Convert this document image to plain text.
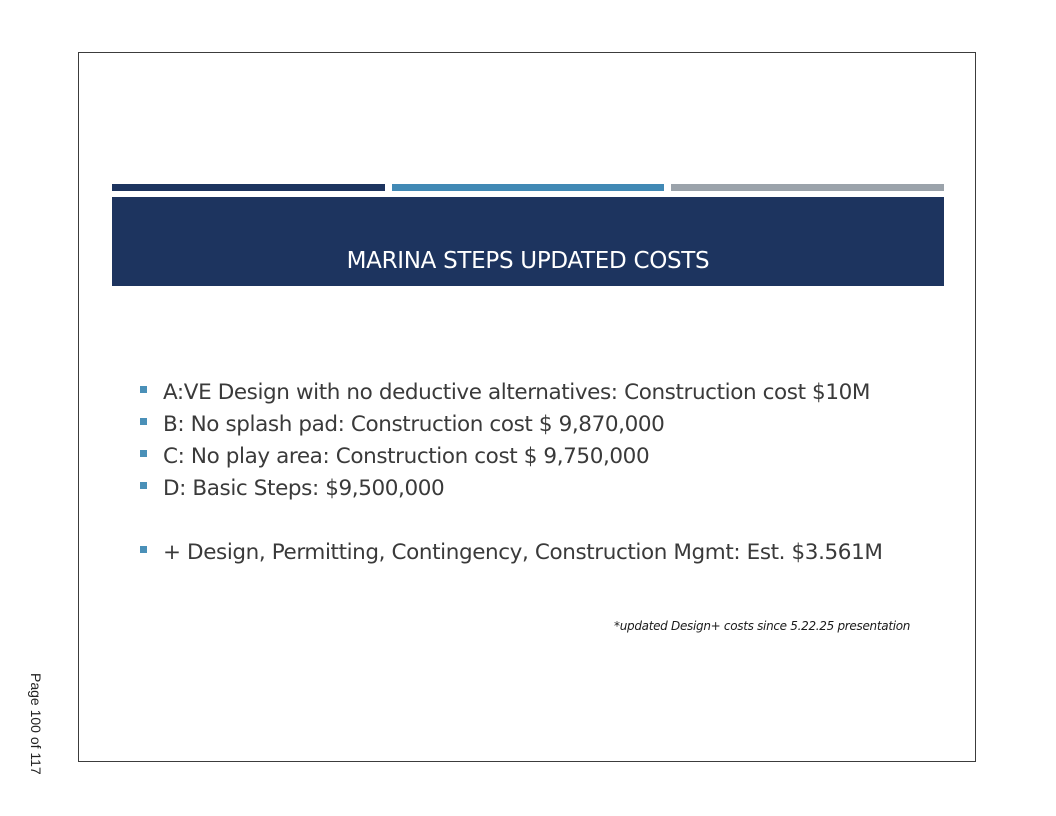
MARINA STEPS UPDATED COSTS
A:VE Design with no deductive alternatives: Construction cost $10M
B: No splash pad: Construction cost $ 9,870,000
C: No play area: Construction cost $ 9,750,000
D: Basic Steps: $9,500,000
+ Design, Permitting, Contingency, Construction Mgmt: Est. $3.561M
*updated Design+ costs since 5.22.25 presentation
Page 100 of 117
